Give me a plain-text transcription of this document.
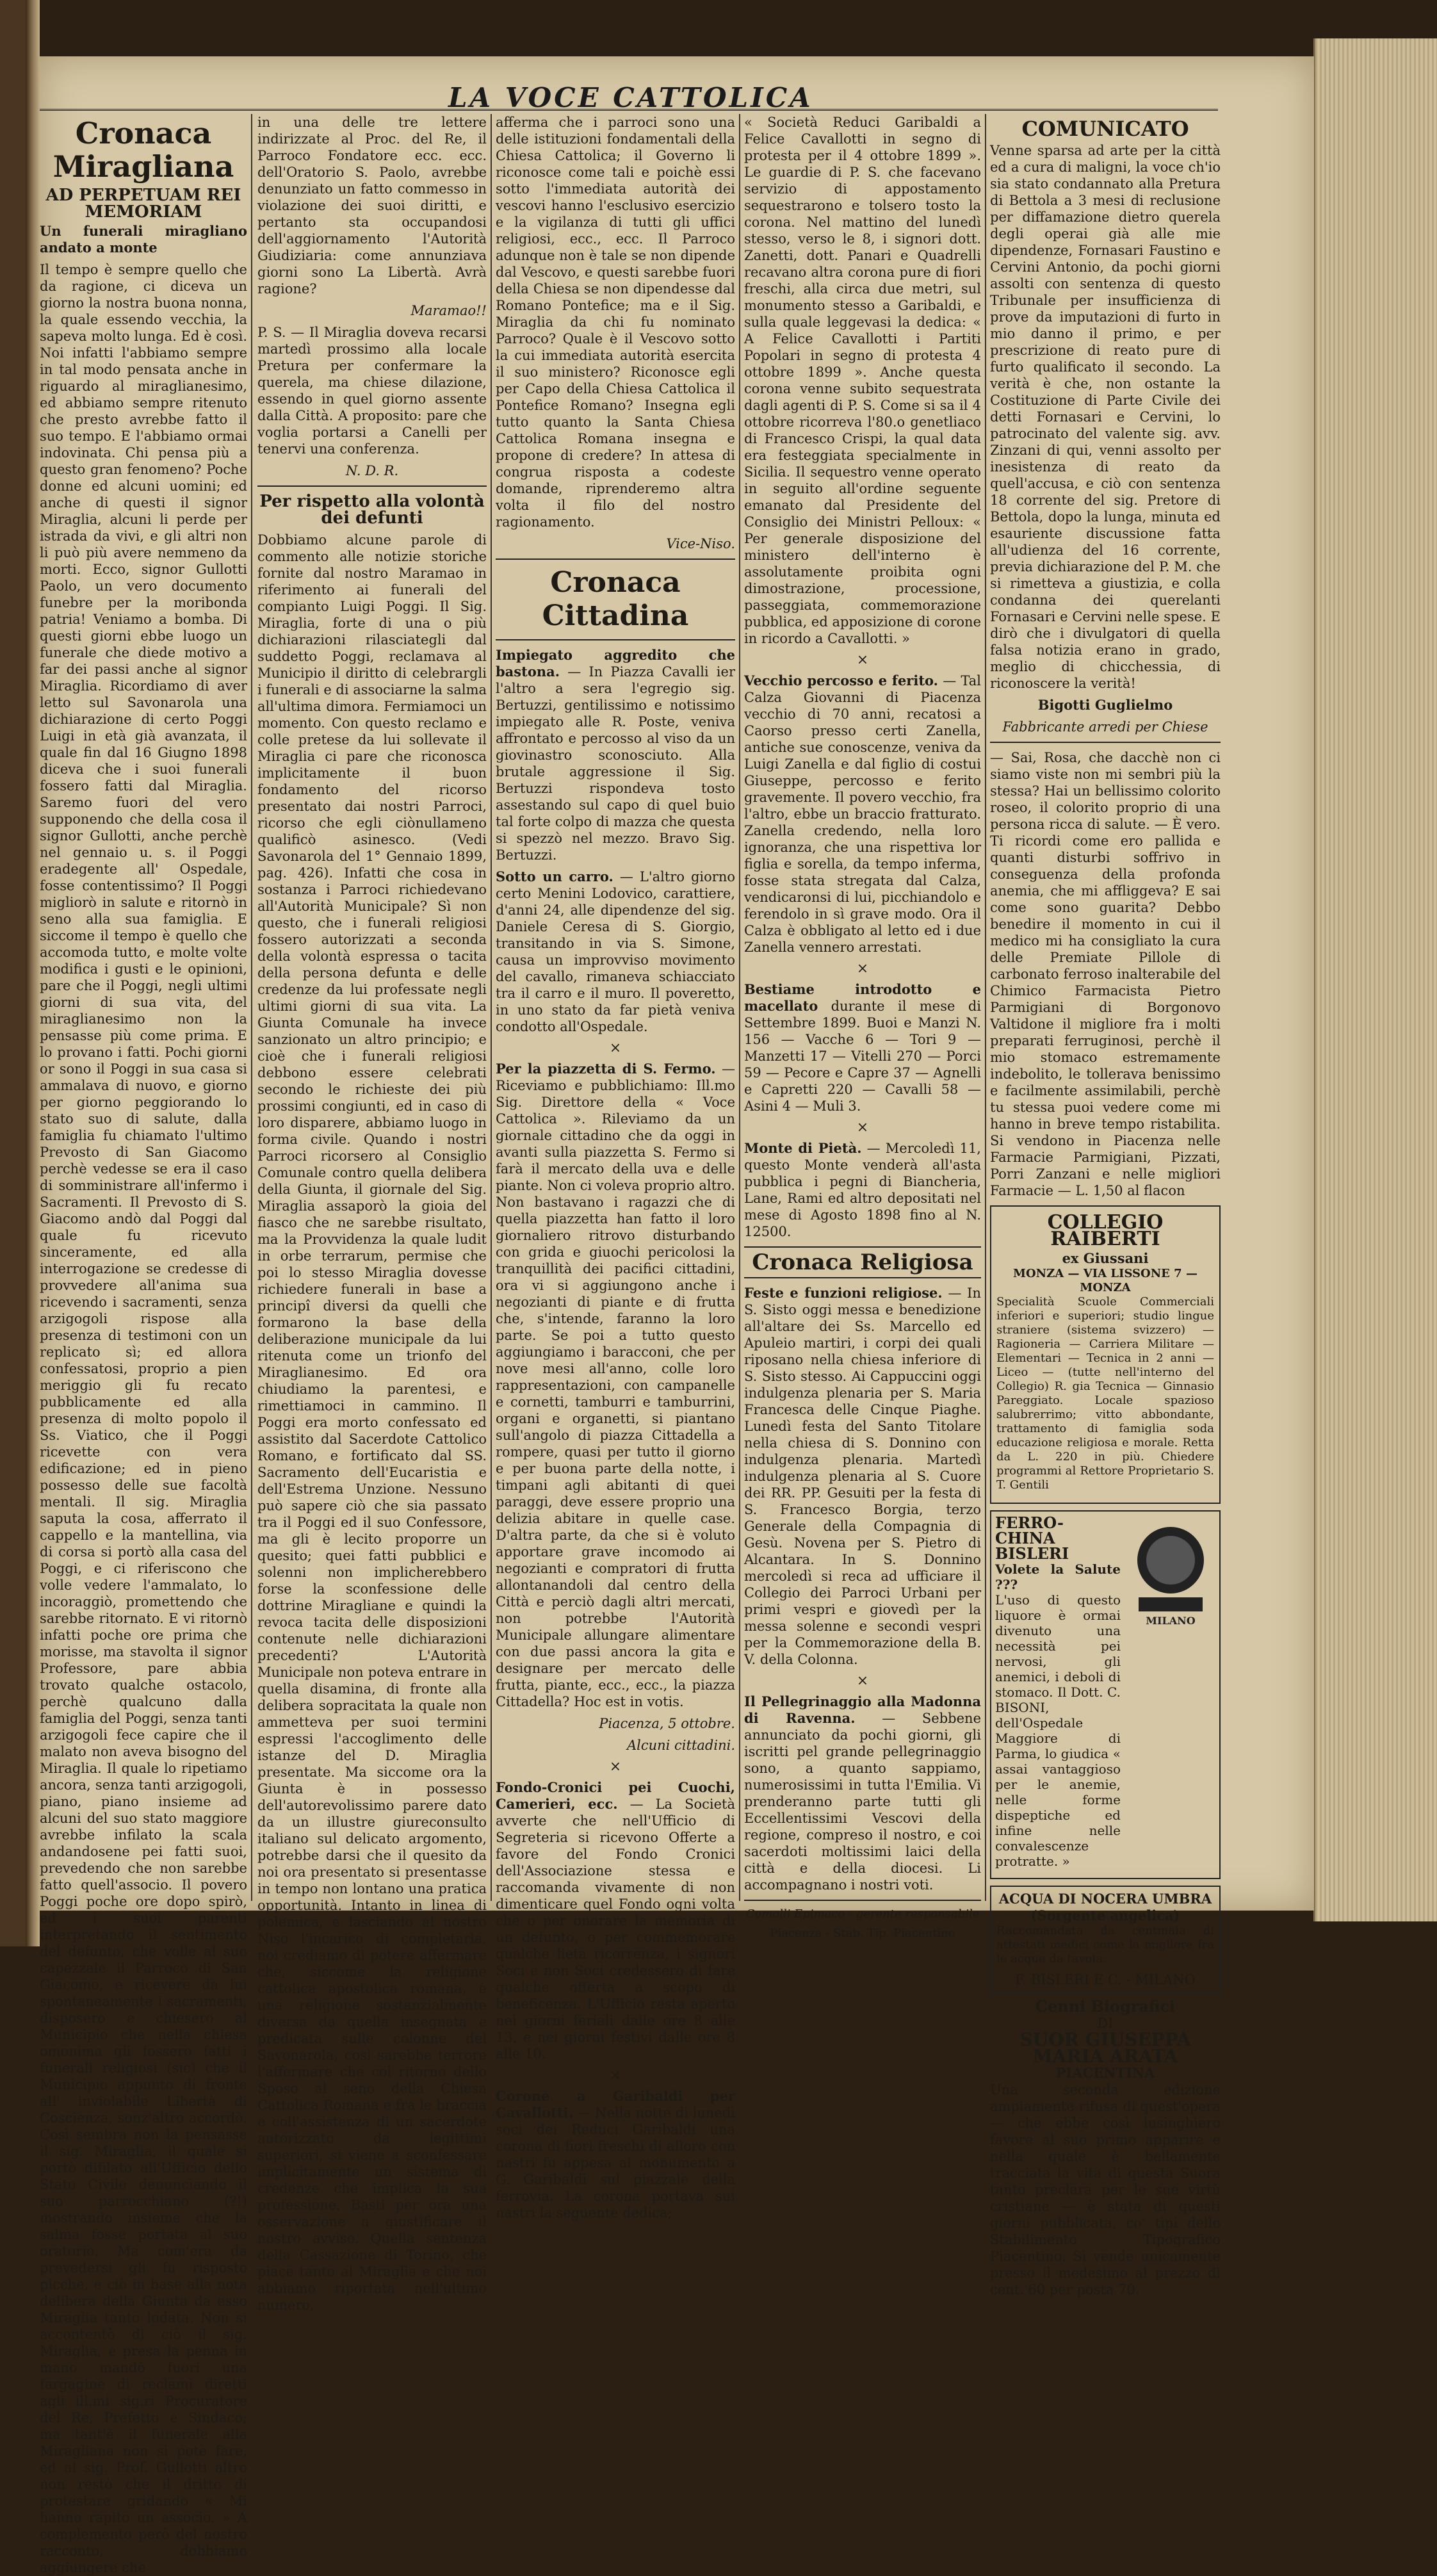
LA VOCE CATTOLICA
Cronaca Miragliana
AD PERPETUAM REI MEMORIAM

Un funerali miragliano andato a monte

Il tempo è sempre quello che da ragione, ci diceva un giorno la nostra buona nonna, la quale essendo vecchia, la sapeva molto lunga. Ed è così. Noi infatti l'abbiamo sempre in tal modo pensata anche in riguardo al miraglianesimo, ed abbiamo sempre ritenuto che presto avrebbe fatto il suo tempo. E l'abbiamo ormai indovinata. Chi pensa più a questo gran fenomeno? Poche donne ed alcuni uomini; ed anche di questi il signor Miraglia, alcuni li perde per istrada da vivi, e gli altri non li può più avere nemmeno da morti. Ecco, signor Gullotti Paolo, un vero documento funebre per la moribonda patria! Veniamo a bomba. Di questi giorni ebbe luogo un funerale che diede motivo a far dei passi anche al signor Miraglia. Ricordiamo di aver letto sul Savonarola una dichiarazione di certo Poggi Luigi in età già avanzata, il quale fin dal 16 Giugno 1898 diceva che i suoi funerali fossero fatti dal Miraglia. Saremo fuori del vero supponendo che della cosa il signor Gullotti, anche perchè nel gennaio u. s. il Poggi eradegente all' Ospedale, fosse contentissimo? Il Poggi migliorò in salute e ritornò in seno alla sua famiglia. E siccome il tempo è quello che accomoda tutto, e molte volte modifica i gusti e le opinioni, pare che il Poggi, negli ultimi giorni di sua vita, del miraglianesimo non la pensasse più come prima. E lo provano i fatti. Pochi giorni or sono il Poggi in sua casa si ammalava di nuovo, e giorno per giorno peggiorando lo stato suo di salute, dalla famiglia fu chiamato l'ultimo Prevosto di San Giacomo perchè vedesse se era il caso di somministrare all'infermo i Sacramenti. Il Prevosto di S. Giacomo andò dal Poggi dal quale fu ricevuto sinceramente, ed alla interrogazione se credesse di provvedere all'anima sua ricevendo i sacramenti, senza arzigogoli rispose alla presenza di testimoni con un replicato sì; ed allora confessatosi, proprio a pien meriggio gli fu recato pubblicamente ed alla presenza di molto popolo il Ss. Viatico, che il Poggi ricevette con vera edificazione; ed in pieno possesso delle sue facoltà mentali. Il sig. Miraglia saputa la cosa, afferrato il cappello e la mantellina, via di corsa si portò alla casa del Poggi, e ci riferiscono che volle vedere l'ammalato, lo incoraggiò, promettendo che sarebbe ritornato. E vi ritornò infatti poche ore prima che morisse, ma stavolta il signor Professore, pare abbia trovato qualche ostacolo, perchè qualcuno dalla famiglia del Poggi, senza tanti arzigogoli fece capire che il malato non aveva bisogno del Miraglia. Il quale lo ripetiamo ancora, senza tanti arzigogoli, piano, piano insieme ad alcuni del suo stato maggiore avrebbe infilato la scala andandosene pei fatti suoi, prevedendo che non sarebbe fatto quell'associo. Il povero Poggi poche ore dopo spirò, ed i suoi parenti interpretando il sentimento del defunto, che volle al suo capezzale il Parroco di San Giacomo, e ricevere da lui spontaneamente i sacramenti, disposero e chiesero al Municipio che nella chiesa omonima gli fossero fatti i funerali religiosi (sic) che il Municipio appunto di fronte all' inviolabile Libertà di Coscienza, sonz'altro accordò. Così sembra non la pensasse il sig. Miraglia, il quale si portò difilato all'Ufficio dello Stato Civile denunciando il suo parrocchiano (?!) mostrando insieme che la salma fosse portata al suo oratorio. Ma com'era da prevedersi gli fu risposto picche, e ciò in base alla nota delibera della Giunta da esso Miraglia tanto lodata. Non si accontentò di ciò il sig. Miraglia, e presa la penna in mano mandò fuori una fargagine di reclami diretti agli ill.mi sig.ri Procuratore del Re, Prefetto e Sindaco; ma tant'è il funerale alla Miragliana non si potè fare, ed al sig. Prof. Gullotti altro non restò che il dritto di protestare gridando « Mi hanno rapito un associo. » A complemento però del nostro racconto, dobbiamo aggiungere che

in una delle tre lettere indirizzate al Proc. del Re, il Parroco Fondatore ecc. ecc. dell'Oratorio S. Paolo, avrebbe denunziato un fatto commesso in violazione dei suoi diritti, e pertanto sta occupandosi dell'aggiornamento l'Autorità Giudiziaria: come annunziava giorni sono La Libertà. Avrà ragione?

Maramao!!

P. S. — Il Miraglia doveva recarsi martedì prossimo alla locale Pretura per confermare la querela, ma chiese dilazione, essendo in quel giorno assente dalla Città. A proposito: pare che voglia portarsi a Canelli per tenervi una conferenza.

N. D. R.

Per rispetto alla volontà dei defunti

Dobbiamo alcune parole di commento alle notizie storiche fornite dal nostro Maramao in riferimento ai funerali del compianto Luigi Poggi. Il Sig. Miraglia, forte di una o più dichiarazioni rilasciategli dal suddetto Poggi, reclamava al Municipio il diritto di celebrargli i funerali e di associarne la salma all'ultima dimora. Fermiamoci un momento. Con questo reclamo e colle pretese da lui sollevate il Miraglia ci pare che riconosca implicitamente il buon fondamento del ricorso presentato dai nostri Parroci, ricorso che egli ciònullameno qualificò asinesco. (Vedi Savonarola del 1° Gennaio 1899, pag. 426). Infatti che cosa in sostanza i Parroci richiedevano all'Autorità Municipale? Sì non questo, che i funerali religiosi fossero autorizzati a seconda della volontà espressa o tacita della persona defunta e delle credenze da lui professate negli ultimi giorni di sua vita. La Giunta Comunale ha invece sanzionato un altro principio; e cioè che i funerali religiosi debbono essere celebrati secondo le richieste dei più prossimi congiunti, ed in caso di loro disparere, abbiamo luogo in forma civile. Quando i nostri Parroci ricorsero al Consiglio Comunale contro quella delibera della Giunta, il giornale del Sig. Miraglia assaporò la gioia del fiasco che ne sarebbe risultato, ma la Provvidenza la quale ludit in orbe terrarum, permise che poi lo stesso Miraglia dovesse richiedere funerali in base a principî diversi da quelli che formarono la base della deliberazione municipale da lui ritenuta come un trionfo del Miraglianesimo. Ed ora chiudiamo la parentesi, e rimettiamoci in cammino. Il Poggi era morto confessato ed assistito dal Sacerdote Cattolico Romano, e fortificato dal SS. Sacramento dell'Eucaristia e dell'Estrema Unzione. Nessuno può sapere ciò che sia passato tra il Poggi ed il suo Confessore, ma gli è lecito proporre un quesito; quei fatti pubblici e solenni non implicherebbero forse la sconfessione delle dottrine Miragliane e quindi la revoca tacita delle disposizioni contenute nelle dichiarazioni precedenti? L'Autorità Municipale non poteva entrare in quella disamina, di fronte alla delibera sopracitata la quale non ammetteva per suoi termini espressi l'accoglimento delle istanze del D. Miraglia presentate. Ma siccome ora la Giunta è in possesso dell'autorevolissimo parere dato da un illustre giureconsulto italiano sul delicato argomento, potrebbe darsi che il quesito da noi ora presentato si presentasse in tempo non lontano una pratica opportunità. Intanto in linea di polemica, e lasciando al nostro Niso l'incarico di completarla, noi crediamo di potere affermare che, siccome la religione cattolica apostolica romana, è una religione sostanzialmente diversa da quella insegnata e predicata sulle colonne del Savonarola, così sarebbe terrore l'affermare che col ritorno dello Sposo al seno della Chiesa Cattolica Romana e fra le braccia e coll'assistenza di un sacerdote autorizzato da legittimi superiori, si viene a sconfessare implicitamente un sistema di credenze che implica la sua professione. Basti per ora una osservazione a giustificare il nostro avviso. Quella sentenza della Cassazione di Torino, che piace tanto al Miraglia e che noi abbiamo riportata nell'ultimo numero,

afferma che i parroci sono una delle istituzioni fondamentali della Chiesa Cattolica; il Governo li riconosce come tali e poichè essi sotto l'immediata autorità dei vescovi hanno l'esclusivo esercizio e la vigilanza di tutti gli uffici religiosi, ecc., ecc. Il Parroco adunque non è tale se non dipende dal Vescovo, e questi sarebbe fuori della Chiesa se non dipendesse dal Romano Pontefice; ma e il Sig. Miraglia da chi fu nominato Parroco? Quale è il Vescovo sotto la cui immediata autorità esercita il suo ministero? Riconosce egli per Capo della Chiesa Cattolica il Pontefice Romano? Insegna egli tutto quanto la Santa Chiesa Cattolica Romana insegna e propone di credere? In attesa di congrua risposta a codeste domande, riprenderemo altra volta il filo del nostro ragionamento.

Vice-Niso.

Cronaca Cittadina

Impiegato aggredito che bastona. — In Piazza Cavalli ier l'altro a sera l'egregio sig. Bertuzzi, gentilissimo e notissimo impiegato alle R. Poste, veniva affrontato e percosso al viso da un giovinastro sconosciuto. Alla brutale aggressione il Sig. Bertuzzi rispondeva tosto assestando sul capo di quel buio tal forte colpo di mazza che questa si spezzò nel mezzo. Bravo Sig. Bertuzzi.

Sotto un carro. — L'altro giorno certo Menini Lodovico, carattiere, d'anni 24, alle dipendenze del sig. Daniele Ceresa di S. Giorgio, transitando in via S. Simone, causa un improvviso movimento del cavallo, rimaneva schiacciato tra il carro e il muro. Il poveretto, in uno stato da far pietà veniva condotto all'Ospedale.

×

Per la piazzetta di S. Fermo. — Riceviamo e pubblichiamo: Ill.mo Sig. Direttore della « Voce Cattolica ». Rileviamo da un giornale cittadino che da oggi in avanti sulla piazzetta S. Fermo si farà il mercato della uva e delle piante. Non ci voleva proprio altro. Non bastavano i ragazzi che di quella piazzetta han fatto il loro giornaliero ritrovo disturbando con grida e giuochi pericolosi la tranquillità dei pacifici cittadini, ora vi si aggiungono anche i negozianti di piante e di frutta che, s'intende, faranno la loro parte. Se poi a tutto questo aggiungiamo i baracconi, che per nove mesi all'anno, colle loro rappresentazioni, con campanelle e cornetti, tamburri e tamburrini, organi e organetti, si piantano sull'angolo di piazza Cittadella a rompere, quasi per tutto il giorno e per buona parte della notte, i timpani agli abitanti di quei paraggi, deve essere proprio una delizia abitare in quelle case. D'altra parte, da che si è voluto apportare grave incomodo ai negozianti e compratori di frutta allontanandoli dal centro della Città e perciò dagli altri mercati, non potrebbe l'Autorità Municipale allungare alimentare con due passi ancora la gita e designare per mercato delle frutta, piante, ecc., ecc., la piazza Cittadella? Hoc est in votis.

Piacenza, 5 ottobre.

Alcuni cittadini.

×

Fondo-Cronici pei Cuochi, Camerieri, ecc. — La Società avverte che nell'Ufficio di Segreteria si ricevono Offerte a favore del Fondo Cronici dell'Associazione stessa e raccomanda vivamente di non dimenticare quel Fondo ogni volta che o per onorare la memoria di un defunto, o per commemorare qualche lieta ricorrenza, i signori Soci e non Soci credessero di fare qualche offerta a scopo di beneficenza. L'Ufficio resta aperto nei giorni feriali dalle ore 8 alle 13, e nei giorni festivi dalle ore 8 alle 10.

×

Corone a Garibaldi per Cavallotti. — Nella notte di lunedì soci dei Reduci Garibaldi una corona di fiori freschi di alloro con nastri fu appesa al monumento a G. Garibaldi sul piazzale della ferrovia. La corona portava sui nastri la seguente dedica;

« Società Reduci Garibaldi a Felice Cavallotti in segno di protesta per il 4 ottobre 1899 ». Le guardie di P. S. che facevano servizio di appostamento sequestrarono e tolsero tosto la corona. Nel mattino del lunedì stesso, verso le 8, i signori dott. Zanetti, dott. Panari e Quadrelli recavano altra corona pure di fiori freschi, alla circa due metri, sul monumento stesso a Garibaldi, e sulla quale leggevasi la dedica: « A Felice Cavallotti i Partiti Popolari in segno di protesta 4 ottobre 1899 ». Anche questa corona venne subito sequestrata dagli agenti di P. S. Come si sa il 4 ottobre ricorreva l'80.o genetliaco di Francesco Crispi, la qual data era festeggiata specialmente in Sicilia. Il sequestro venne operato in seguito all'ordine seguente emanato dal Presidente del Consiglio dei Ministri Pelloux: « Per generale disposizione del ministero dell'interno è assolutamente proibita ogni dimostrazione, processione, passeggiata, commemorazione pubblica, ed apposizione di corone in ricordo a Cavallotti. »

×

Vecchio percosso e ferito. — Tal Calza Giovanni di Piacenza vecchio di 70 anni, recatosi a Caorso presso certi Zanella, antiche sue conoscenze, veniva da Luigi Zanella e dal figlio di costui Giuseppe, percosso e ferito gravemente. Il povero vecchio, fra l'altro, ebbe un braccio fratturato. Zanella credendo, nella loro ignoranza, che una rispettiva lor figlia e sorella, da tempo inferma, fosse stata stregata dal Calza, vendicaronsi di lui, picchiandolo e ferendolo in sì grave modo. Ora il Calza è obbligato al letto ed i due Zanella vennero arrestati.

×

Bestiame introdotto e macellato durante il mese di Settembre 1899. Buoi e Manzi N. 156 — Vacche 6 — Tori 9 — Manzetti 17 — Vitelli 270 — Porci 59 — Pecore e Capre 37 — Agnelli e Capretti 220 — Cavalli 58 — Asini 4 — Muli 3.

×

Monte di Pietà. — Mercoledì 11, questo Monte venderà all'asta pubblica i pegni di Biancheria, Lane, Rami ed altro depositati nel mese di Agosto 1898 fino al N. 12500.

Cronaca Religiosa

Feste e funzioni religiose. — In S. Sisto oggi messa e benedizione all'altare dei Ss. Marcello ed Apuleio martiri, i corpi dei quali riposano nella chiesa inferiore di S. Sisto stesso. Ai Cappuccini oggi indulgenza plenaria per S. Maria Francesca delle Cinque Piaghe. Lunedì festa del Santo Titolare nella chiesa di S. Donnino con indulgenza plenaria. Martedì indulgenza plenaria al S. Cuore dei RR. PP. Gesuiti per la festa di S. Francesco Borgia, terzo Generale della Compagnia di Gesù. Novena per S. Pietro di Alcantara. In S. Donnino mercoledì si reca ad ufficiare il Collegio dei Parroci Urbani per primi vespri e giovedì per la messa solenne e secondi vespri per la Commemorazione della B. V. della Colonna.

×

Il Pellegrinaggio alla Madonna di Ravenna. — Sebbene annunciato da pochi giorni, gli iscritti pel grande pellegrinaggio sono, a quanto sappiamo, numerosissimi in tutta l'Emilia. Vi prenderanno parte tutti gli Eccellentissimi Vescovi della regione, compreso il nostro, e coi sacerdoti moltissimi laici della città e della diocesi. Li accompagnano i nostri voti.

Comolli Epimaco - gerente responsabile

Piacenza - Stab. Tip. Piacentino

COMUNICATO

Venne sparsa ad arte per la città ed a cura di maligni, la voce ch'io sia stato condannato alla Pretura di Bettola a 3 mesi di reclusione per diffamazione dietro querela degli operai già alle mie dipendenze, Fornasari Faustino e Cervini Antonio, da pochi giorni assolti con sentenza di questo Tribunale per insufficienza di prove da imputazioni di furto in mio danno il primo, e per prescrizione di reato pure di furto qualificato il secondo. La verità è che, non ostante la Costituzione di Parte Civile dei detti Fornasari e Cervini, lo patrocinato del valente sig. avv. Zinzani di qui, venni assolto per inesistenza di reato da quell'accusa, e ciò con sentenza 18 corrente del sig. Pretore di Bettola, dopo la lunga, minuta ed esauriente discussione fatta all'udienza del 16 corrente, previa dichiarazione del P. M. che si rimetteva a giustizia, e colla condanna dei querelanti Fornasari e Cervini nelle spese. E dirò che i divulgatori di quella falsa notizia erano in grado, meglio di chicchessia, di riconoscere la verità!

Bigotti Guglielmo

Fabbricante arredi per Chiese

— Sai, Rosa, che dacchè non ci siamo viste non mi sembri più la stessa? Hai un bellissimo colorito roseo, il colorito proprio di una persona ricca di salute. — È vero. Ti ricordi come ero pallida e quanti disturbi soffrivo in conseguenza della profonda anemia, che mi affliggeva? E sai come sono guarita? Debbo benedire il momento in cui il medico mi ha consigliato la cura delle Premiate Pillole di carbonato ferroso inalterabile del Chimico Farmacista Pietro Parmigiani di Borgonovo Valtidone il migliore fra i molti preparati ferruginosi, perchè il mio stomaco estremamente indebolito, le tollerava benissimo e facilmente assimilabili, perchè tu stessa puoi vedere come mi hanno in breve tempo ristabilita. Si vendono in Piacenza nelle Farmacie Parmigiani, Pizzati, Porri Zanzani e nelle migliori Farmacie — L. 1,50 al flacon

COLLEGIO RAIBERTI
ex Giussani
MONZA — VIA LISSONE 7 — MONZA

Specialità Scuole Commerciali inferiori e superiori; studio lingue straniere (sistema svizzero) — Ragioneria — Carriera Militare — Elementari — Tecnica in 2 anni — Liceo — (tutte nell'interno del Collegio) R. gia Tecnica — Ginnasio Pareggiato. Locale spazioso salubrerrimo; vitto abbondante, trattamento di famiglia soda educazione religiosa e morale. Retta da L. 220 in più. Chiedere programmi al Rettore Proprietario S. T. Gentili

FERRO-CHINA BISLERI
Volete la Salute ???

L'uso di questo liquore è ormai divenuto una necessità pei nervosi, gli anemici, i deboli di stomaco. Il Dott. C. BISONI, dell'Ospedale Maggiore di Parma, lo giudica « assai vantaggioso per le anemie, nelle forme dispeptiche ed infine nelle convalescenze protratte. »

MILANO
ACQUA DI NOCERA UMBRA
(Sorgente angelica)

Raccomandata da centinaia di attestati medici come la migliore fra le acque da tavola.

F. BISLERI E C. - MILANO
Cenni Biografici
DI
SUOR GIUSEPPA MARIA ARATA
PIACENTINA

Una seconda edizione ampiamente rifusa di quest'opera — che ebbe così lusinghiero favore al suo primo apparire e nella quale è bellamente tracciata la vita di questa Suora tanto preclara per le sue virtù cristiane — è stata di questi giorni pubblicata, co' tipi dello Stabilimento Tipografico Piacentino. Si vende unicamente presso il medesimo al prezzo di cent. 60 per posta 70.
